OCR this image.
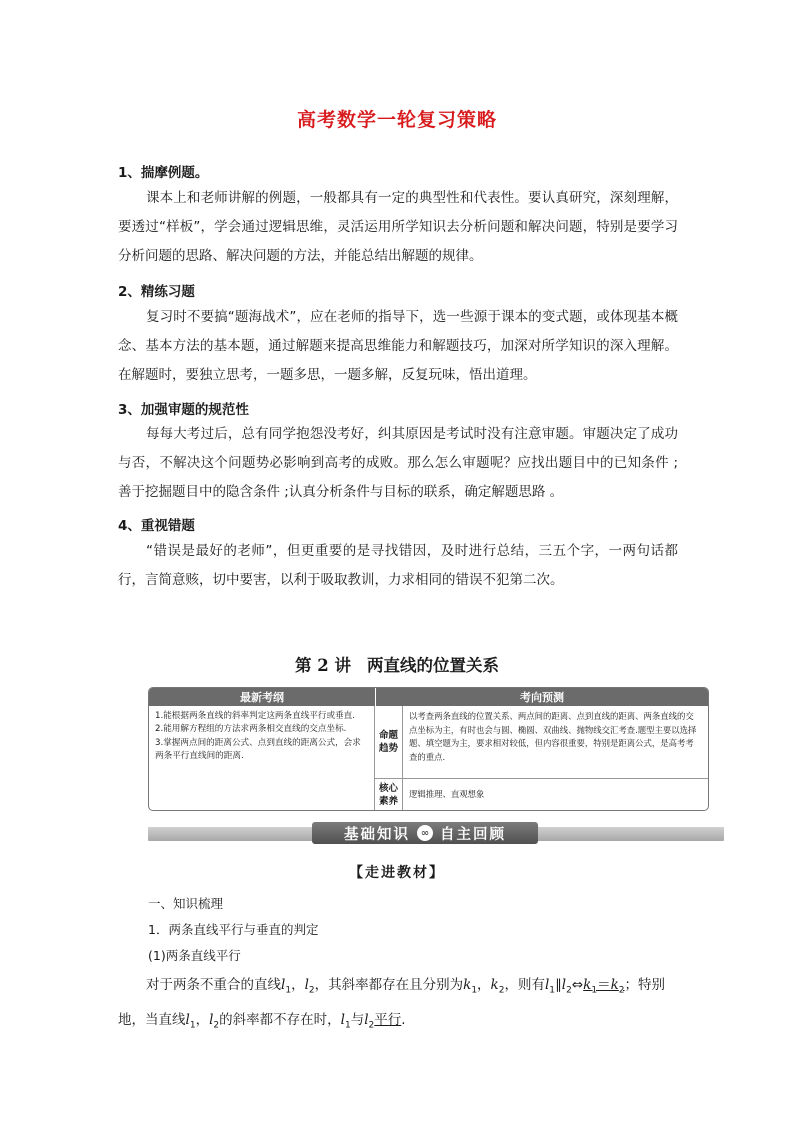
高考数学一轮复习策略
1、揣摩例题。
课本上和老师讲解的例题，一般都具有一定的典型性和代表性。要认真研究，深刻理解，要透过“样板”，学会通过逻辑思维，灵活运用所学知识去分析问题和解决问题，特别是要学习分析问题的思路、解决问题的方法，并能总结出解题的规律。
2、精练习题
复习时不要搞“题海战术”，应在老师的指导下，选一些源于课本的变式题，或体现基本概念、基本方法的基本题，通过解题来提高思维能力和解题技巧，加深对所学知识的深入理解。在解题时，要独立思考，一题多思，一题多解，反复玩味，悟出道理。
3、加强审题的规范性
每每大考过后，总有同学抱怨没考好，纠其原因是考试时没有注意审题。审题决定了成功与否，不解决这个问题势必影响到高考的成败。那么怎么审题呢？应找出题目中的已知条件 ;善于挖掘题目中的隐含条件 ;认真分析条件与目标的联系，确定解题思路 。
4、重视错题
“错误是最好的老师”，但更重要的是寻找错因，及时进行总结，三五个字，一两句话都行，言简意赅，切中要害，以利于吸取教训，力求相同的错误不犯第二次。
第 2 讲 两直线的位置关系
最新考纲	考向预测
1.能根据两条直线的斜率判定这两条直线平行或垂直.
2.能用解方程组的方法求两条相交直线的交点坐标.
3.掌握两点间的距离公式、点到直线的距离公式，会求两条平行直线间的距离.
命题趋势
以考查两条直线的位置关系、两点间的距离、点到直线的距离、两条直线的交点坐标为主，有时也会与圆、椭圆、双曲线、抛物线交汇考查.题型主要以选择题、填空题为主，要求相对较低，但内容很重要，特别是距离公式，是高考考查的重点.
核心素养
逻辑推理、直观想象
基础知识	∞ 自主回顾
【走进教材】
一、知识梳理
1．两条直线平行与垂直的判定
(1)两条直线平行
对于两条不重合的直线$l_1$，$l_2$，其斜率都存在且分别为$k_1$，$k_2$，则有$l_1\parallel l_2\Leftrightarrow k_1=k_2$；特别地，当直线$l_1$，$l_2$的斜率都不存在时，$l_1$与$l_2$平行.
